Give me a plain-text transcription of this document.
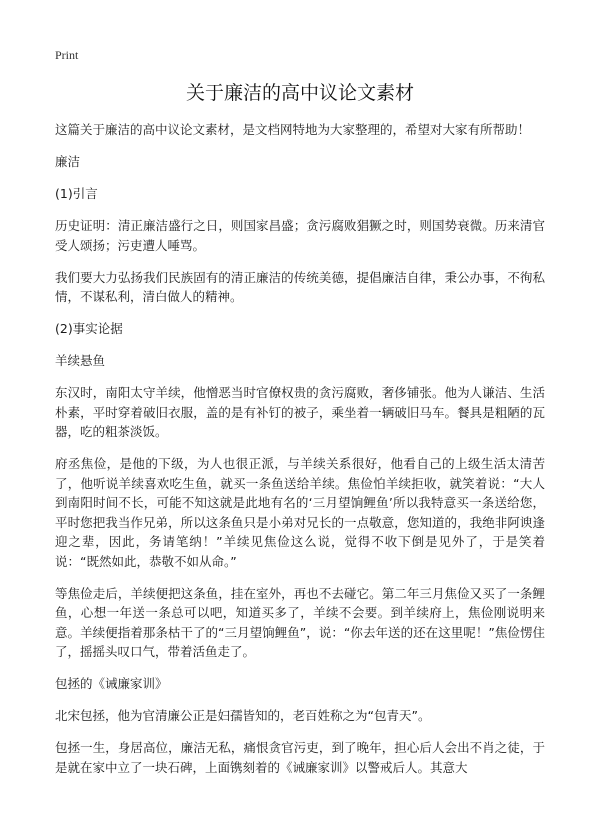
Print
关于廉洁的高中议论文素材

这篇关于廉洁的高中议论文素材，是文档网特地为大家整理的，希望对大家有所帮助！

廉洁

(1)引言

历史证明：清正廉洁盛行之日，则国家昌盛；贪污腐败猖獗之时，则国势衰微。历来清官受人颂扬；污吏遭人唾骂。

我们要大力弘扬我们民族固有的清正廉洁的传统美德，提倡廉洁自律，秉公办事，不徇私情，不谋私利，清白做人的精神。

(2)事实论据

羊续悬鱼

东汉时，南阳太守羊续，他憎恶当时官僚权贵的贪污腐败，奢侈铺张。他为人谦洁、生活朴素，平时穿着破旧衣服，盖的是有补钉的被子，乘坐着一辆破旧马车。餐具是粗陋的瓦器，吃的粗茶淡饭。

府丞焦俭，是他的下级，为人也很正派，与羊续关系很好，他看自己的上级生活太清苦了，他听说羊续喜欢吃生鱼，就买一条鱼送给羊续。焦俭怕羊续拒收，就笑着说：“大人到南阳时间不长，可能不知这就是此地有名的‘三月望饷鲤鱼’所以我特意买一条送给您，平时您把我当作兄弟，所以这条鱼只是小弟对兄长的一点敬意，您知道的，我绝非阿谀逢迎之辈，因此，务请笔纳！”羊续见焦俭这么说，觉得不收下倒是见外了，于是笑着说：“既然如此，恭敬不如从命。”

等焦俭走后，羊续便把这条鱼，挂在室外，再也不去碰它。第二年三月焦俭又买了一条鲤鱼，心想一年送一条总可以吧，知道买多了，羊续不会要。到羊续府上，焦俭刚说明来意。羊续便指着那条枯干了的“三月望饷鲤鱼”，说：“你去年送的还在这里呢！”焦俭愣住了，摇摇头叹口气，带着活鱼走了。

包拯的《诫廉家训》

北宋包拯，他为官清廉公正是妇孺皆知的，老百姓称之为“包青天”。

包拯一生，身居高位，廉洁无私，痛恨贪官污吏，到了晚年，担心后人会出不肖之徒，于是就在家中立了一块石碑，上面镌刻着的《诫廉家训》以警戒后人。其意大
